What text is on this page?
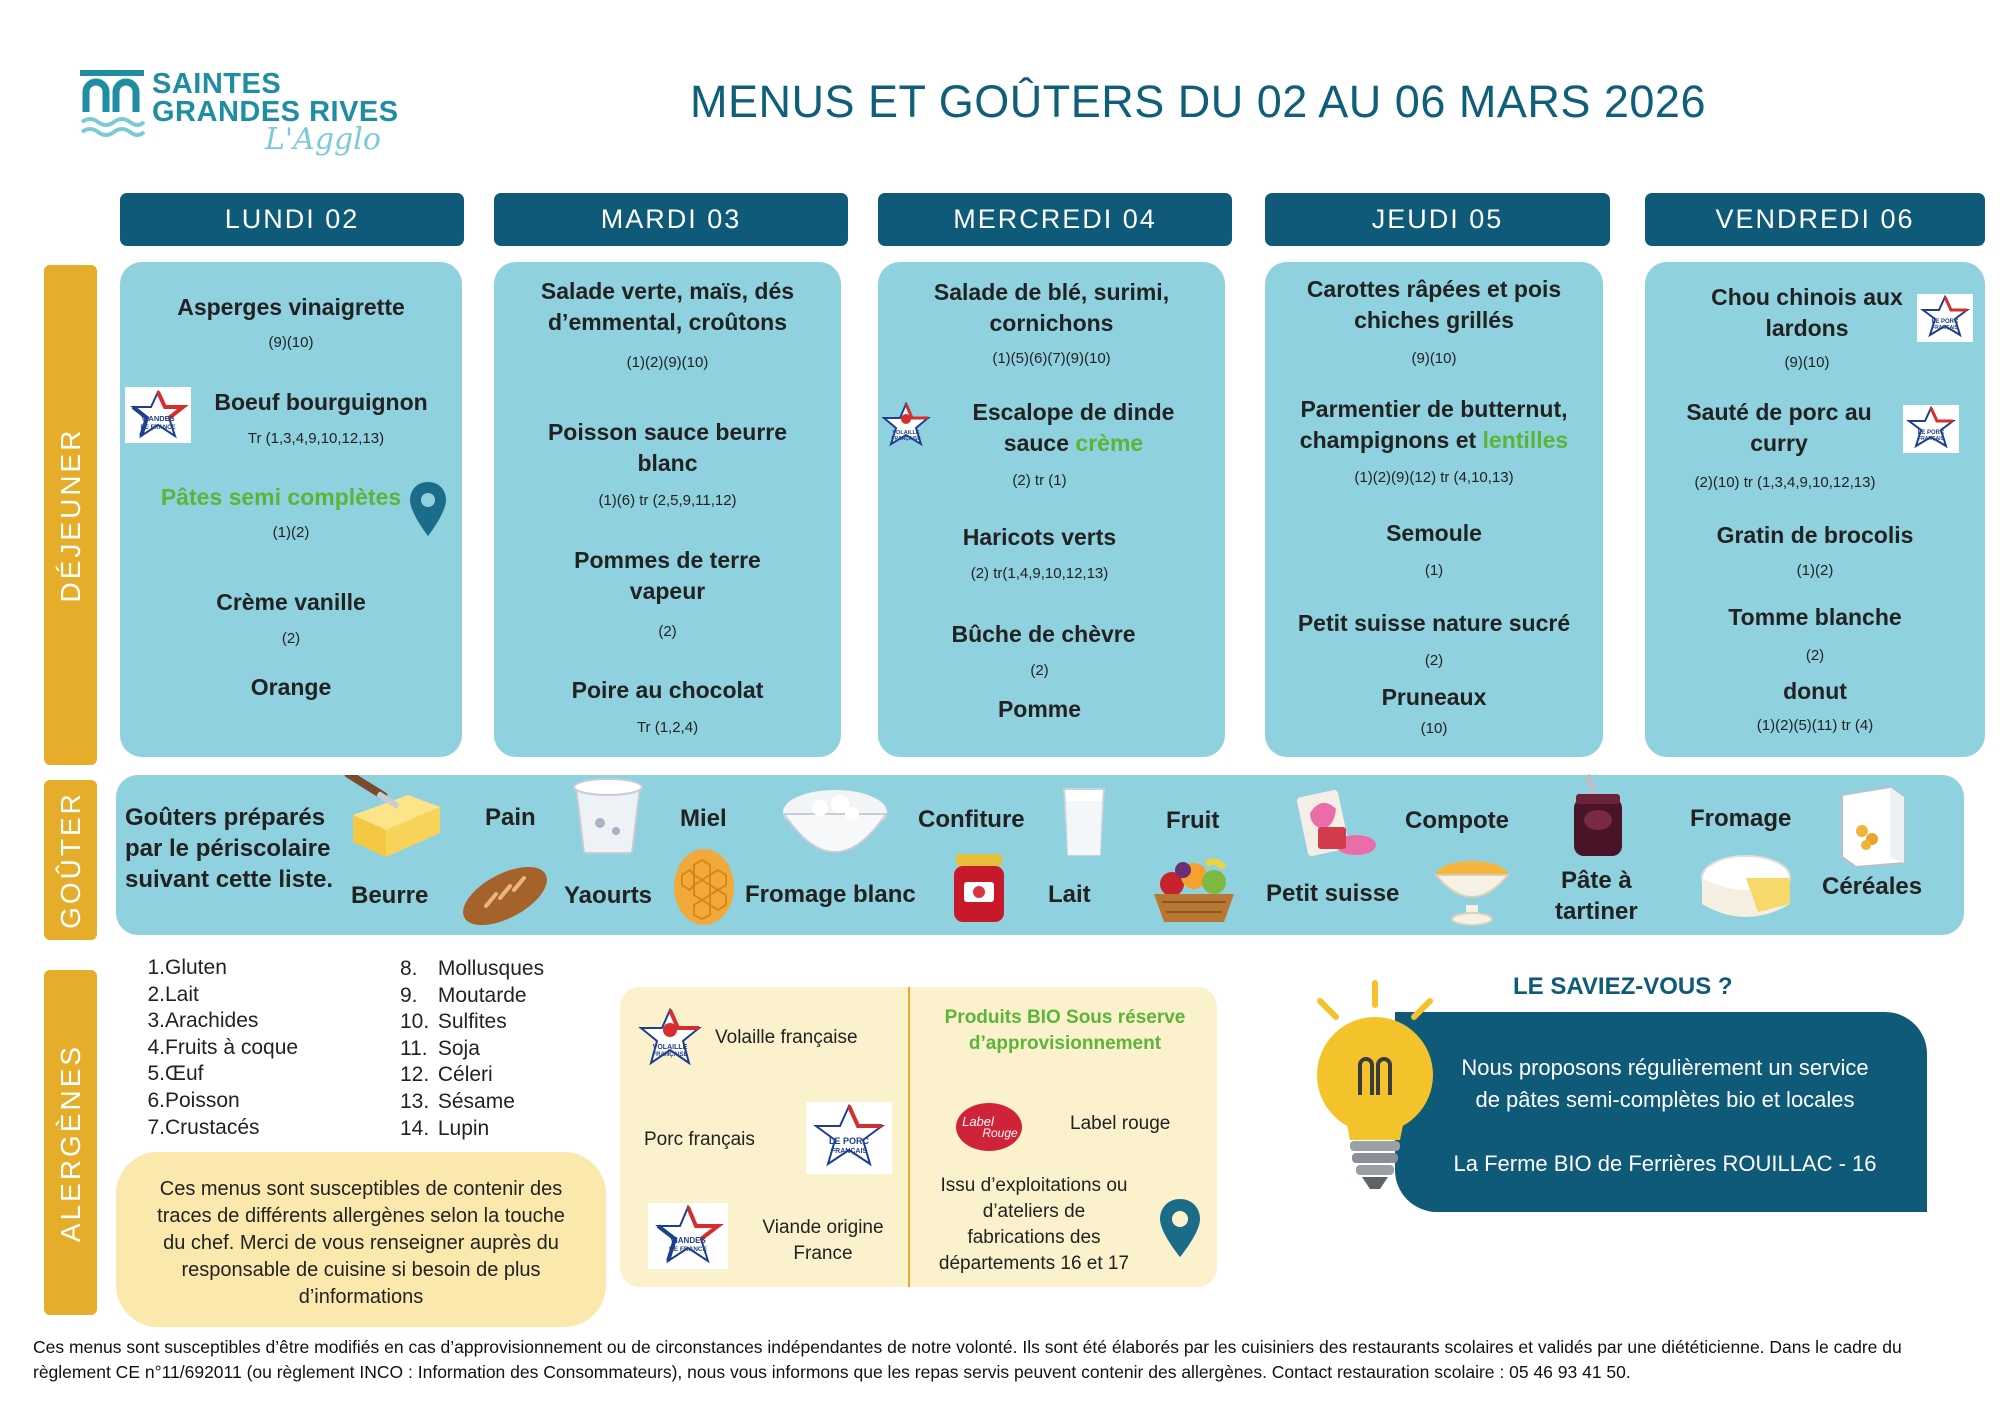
SAINTES
GRANDES RIVES
L'Agglo
MENUS ET GOÛTERS DU 02 AU 06 MARS 2026
LUNDI 02	MARDI 03	MERCREDI 04	JEUDI 05	VENDREDI 06
DÉJEUNER
GOÛTER
ALERGÈNES
Asperges vinaigrette
(9)(10)
VIANDES
DE FRANCE
Boeuf bourguignon
Tr (1,3,4,9,10,12,13)
Pâtes semi complètes
(1)(2)
Crème vanille
(2)
Orange
Salade verte, maïs, dés
d’emmental, croûtons
(1)(2)(9)(10)
Poisson sauce beurre
blanc
(1)(6) tr (2,5,9,11,12)
Pommes de terre
vapeur
(2)
Poire au chocolat
Tr (1,2,4)
Salade de blé, surimi,
cornichons
(1)(5)(6)(7)(9)(10)
VOLAILLE
FRANÇAISE
Escalope de dinde
sauce crème
(2) tr (1)
Haricots verts
(2) tr(1,4,9,10,12,13)
Bûche de chèvre
(2)
Pomme
Carottes râpées et pois
chiches grillés
(9)(10)
Parmentier de butternut,
champignons et lentilles
(1)(2)(9)(12) tr (4,10,13)
Semoule
(1)
Petit suisse nature sucré
(2)
Pruneaux
(10)
Chou chinois aux
lardons	LE PORC
FRANÇAIS
(9)(10)
Sauté de porc au
curry	LE PORC
FRANÇAIS
(2)(10) tr (1,3,4,9,10,12,13)
Gratin de brocolis
(1)(2)
Tomme blanche
(2)
donut
(1)(2)(5)(11) tr (4)
Goûters préparés
par le périscolaire
suivant cette liste.
Beurre
Pain
Yaourts
Miel
Fromage blanc
Confiture
Lait
Fruit
Petit suisse
Compote
Pâte à
tartiner
Fromage
Céréales
1.Gluten
2.Lait
3.Arachides
4.Fruits à coque
5.Œuf
6.Poisson
7.Crustacés
8. Mollusques
9. Moutarde
10. Sulfites
11. Soja
12. Céleri
13. Sésame
14. Lupin
Ces menus sont susceptibles de contenir des traces de différents allergènes selon la touche du chef. Merci de vous renseigner auprès du responsable de cuisine si besoin de plus d’informations
VOLAILLE
FRANÇAISE
Volaille française
Porc français	LE PORC
FRANÇAIS
VIANDES
DE FRANCE
Viande origine
France
Produits BIO Sous réserve
d’approvisionnement
Label
Rouge	Label rouge
Issu d’exploitations ou
d’ateliers de
fabrications des
départements 16 et 17
LE SAVIEZ-VOUS ?
Nous proposons régulièrement un service
de pâtes semi-complètes bio et locales
La Ferme BIO de Ferrières ROUILLAC - 16
Ces menus sont susceptibles d’être modifiés en cas d’approvisionnement ou de circonstances indépendantes de notre volonté. Ils sont été élaborés par les cuisiniers des restaurants scolaires et validés par une diététicienne. Dans le cadre du règlement CE n°11/692011 (ou règlement INCO : Information des Consommateurs), nous vous informons que les repas servis peuvent contenir des allergènes. Contact restauration scolaire : 05 46 93 41 50.
